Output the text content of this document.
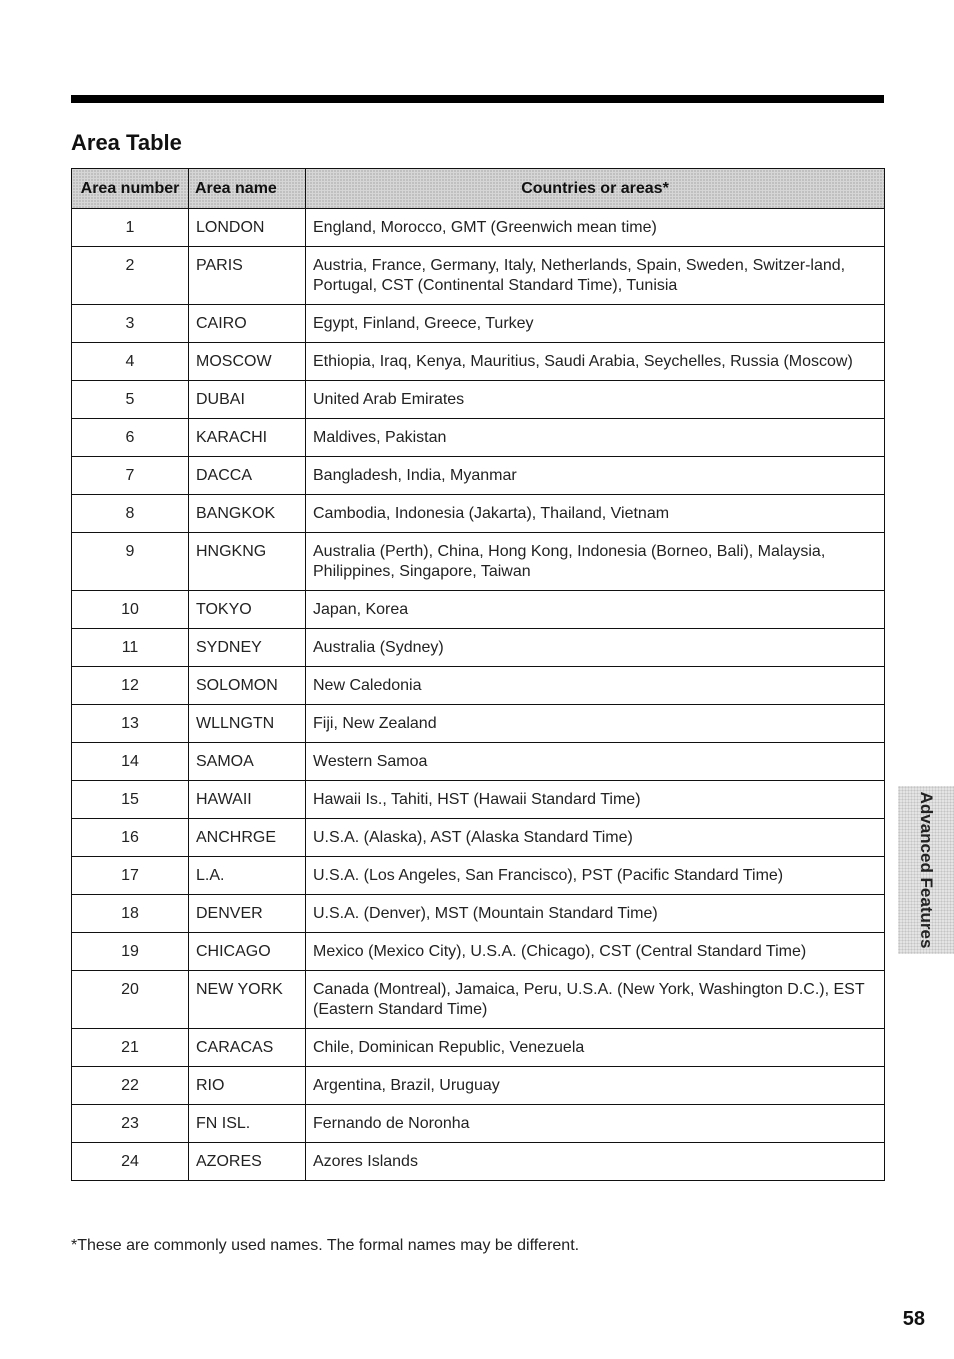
Area Table
Area number	Area name	Countries or areas*
1	LONDON	England, Morocco, GMT (Greenwich mean time)
2	PARIS	Austria, France, Germany, Italy, Netherlands, Spain, Sweden, Switzer-land, Portugal, CST (Continental Standard Time), Tunisia
3	CAIRO	Egypt, Finland, Greece, Turkey
4	MOSCOW	Ethiopia, Iraq, Kenya, Mauritius, Saudi Arabia, Seychelles, Russia (Moscow)
5	DUBAI	United Arab Emirates
6	KARACHI	Maldives, Pakistan
7	DACCA	Bangladesh, India, Myanmar
8	BANGKOK	Cambodia, Indonesia (Jakarta), Thailand, Vietnam
9	HNGKNG	Australia (Perth), China, Hong Kong, Indonesia (Borneo, Bali), Malaysia, Philippines, Singapore, Taiwan
10	TOKYO	Japan, Korea
11	SYDNEY	Australia (Sydney)
12	SOLOMON	New Caledonia
13	WLLNGTN	Fiji, New Zealand
14	SAMOA	Western Samoa
15	HAWAII	Hawaii Is., Tahiti, HST (Hawaii Standard Time)
16	ANCHRGE	U.S.A. (Alaska), AST (Alaska Standard Time)
17	L.A.	U.S.A. (Los Angeles, San Francisco), PST (Pacific Standard Time)
18	DENVER	U.S.A. (Denver), MST (Mountain Standard Time)
19	CHICAGO	Mexico (Mexico City), U.S.A. (Chicago), CST (Central Standard Time)
20	NEW YORK	Canada (Montreal), Jamaica, Peru, U.S.A. (New York, Washington D.C.), EST (Eastern Standard Time)
21	CARACAS	Chile, Dominican Republic, Venezuela
22	RIO	Argentina, Brazil, Uruguay
23	FN ISL.	Fernando de Noronha
24	AZORES	Azores Islands
*These are commonly used names. The formal names may be different.
Advanced Features
58
